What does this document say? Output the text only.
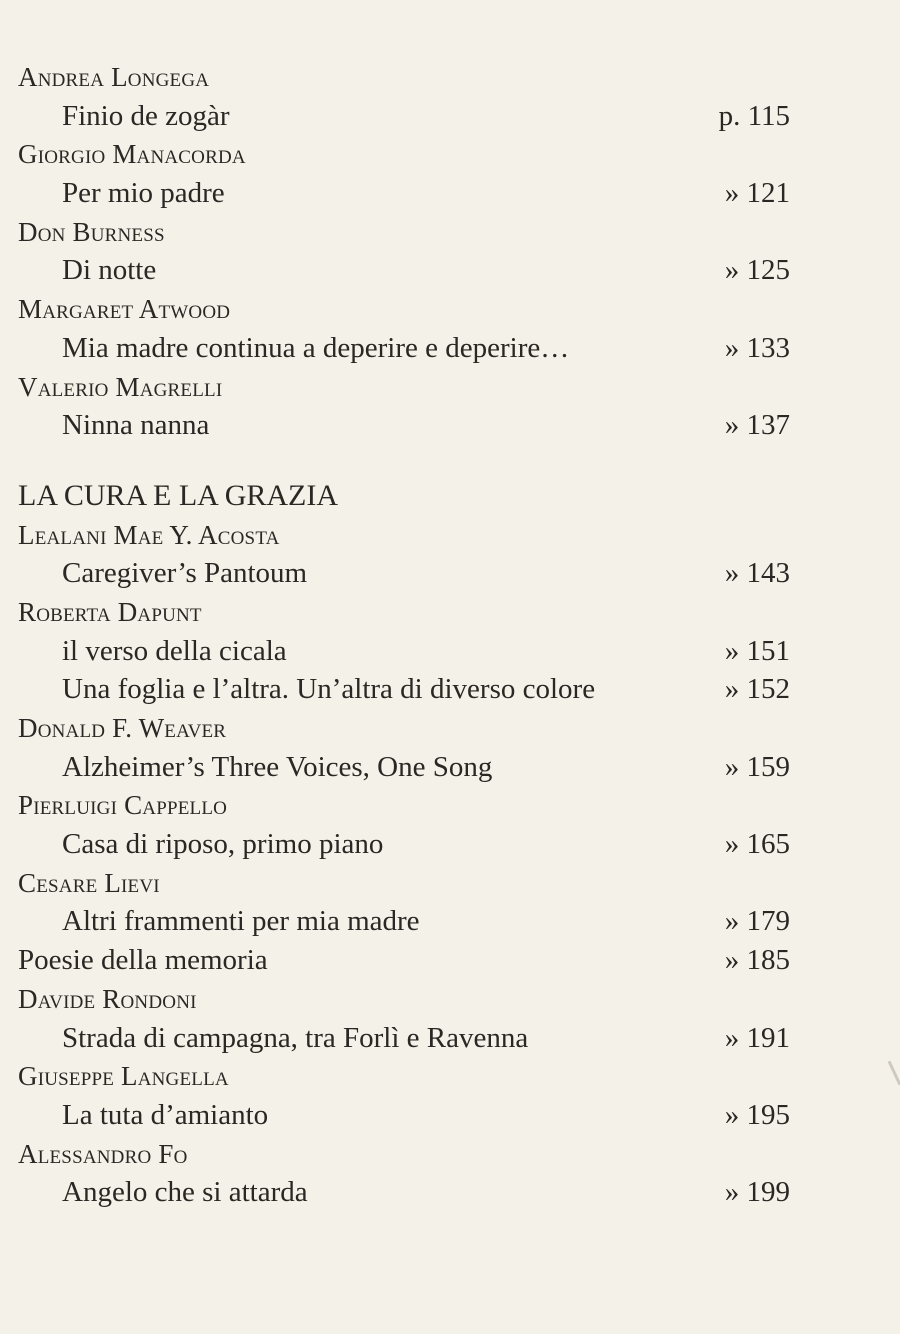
Andrea Longega
Finio de zogàr	p. 115
Giorgio Manacorda
Per mio padre	» 121
Don Burness
Di notte	» 125
Margaret Atwood
Mia madre continua a deperire e deperire…	» 133
Valerio Magrelli
Ninna nanna	» 137
LA CURA E LA GRAZIA
Lealani Mae Y. Acosta
Caregiver’s Pantoum	» 143
Roberta Dapunt
il verso della cicala	» 151
Una foglia e l’altra. Un’altra di diverso colore	» 152
Donald F. Weaver
Alzheimer’s Three Voices, One Song	» 159
Pierluigi Cappello
Casa di riposo, primo piano	» 165
Cesare Lievi
Altri frammenti per mia madre	» 179
Poesie della memoria	» 185
Davide Rondoni
Strada di campagna, tra Forlì e Ravenna	» 191
Giuseppe Langella
La tuta d’amianto	» 195
Alessandro Fo
Angelo che si attarda	» 199
